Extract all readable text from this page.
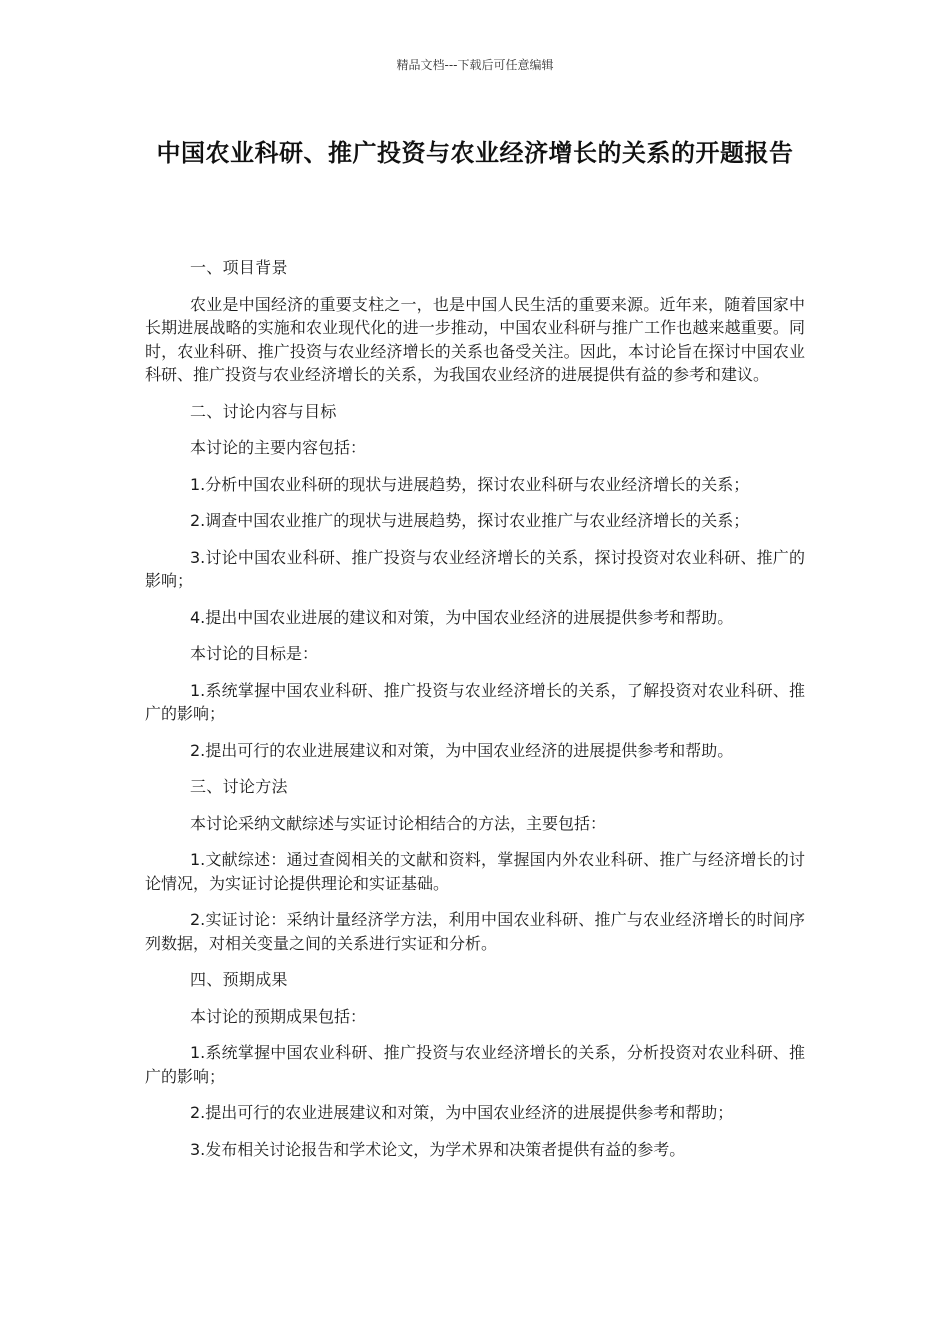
精品文档---下载后可任意编辑
中国农业科研、推广投资与农业经济增长的关系的开题报告

一、项目背景

农业是中国经济的重要支柱之一，也是中国人民生活的重要来源。近年来，随着国家中长期进展战略的实施和农业现代化的进一步推动，中国农业科研与推广工作也越来越重要。同时，农业科研、推广投资与农业经济增长的关系也备受关注。因此，本讨论旨在探讨中国农业科研、推广投资与农业经济增长的关系，为我国农业经济的进展提供有益的参考和建议。

二、讨论内容与目标

本讨论的主要内容包括：

1.分析中国农业科研的现状与进展趋势，探讨农业科研与农业经济增长的关系；

2.调查中国农业推广的现状与进展趋势，探讨农业推广与农业经济增长的关系；

3.讨论中国农业科研、推广投资与农业经济增长的关系，探讨投资对农业科研、推广的影响；

4.提出中国农业进展的建议和对策，为中国农业经济的进展提供参考和帮助。

本讨论的目标是：

1.系统掌握中国农业科研、推广投资与农业经济增长的关系，了解投资对农业科研、推广的影响；

2.提出可行的农业进展建议和对策，为中国农业经济的进展提供参考和帮助。

三、讨论方法

本讨论采纳文献综述与实证讨论相结合的方法，主要包括：

1.文献综述：通过查阅相关的文献和资料，掌握国内外农业科研、推广与经济增长的讨论情况，为实证讨论提供理论和实证基础。

2.实证讨论：采纳计量经济学方法，利用中国农业科研、推广与农业经济增长的时间序列数据，对相关变量之间的关系进行实证和分析。

四、预期成果

本讨论的预期成果包括：

1.系统掌握中国农业科研、推广投资与农业经济增长的关系，分析投资对农业科研、推广的影响；

2.提出可行的农业进展建议和对策，为中国农业经济的进展提供参考和帮助；

3.发布相关讨论报告和学术论文，为学术界和决策者提供有益的参考。
